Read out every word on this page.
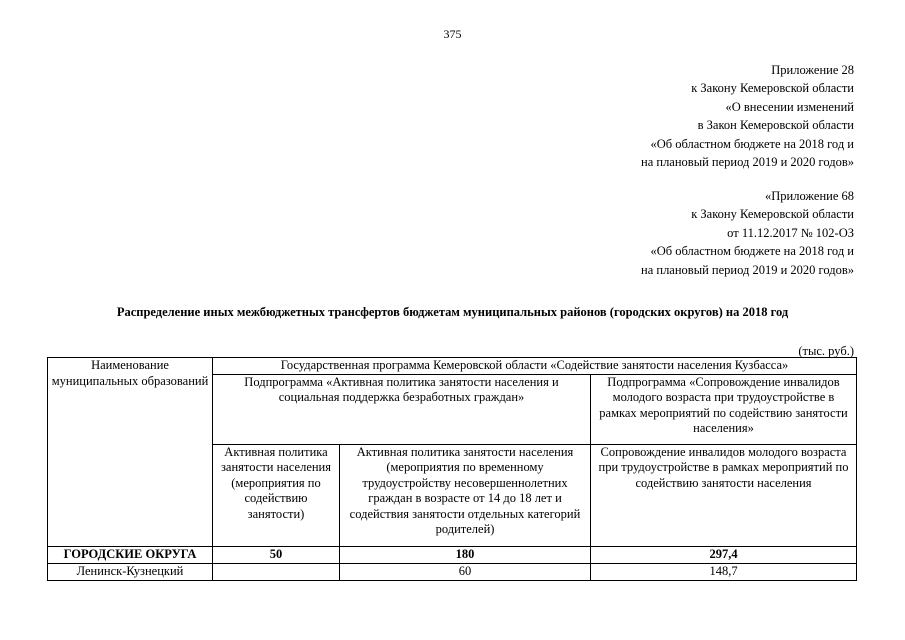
375
Приложение 28
к Закону Кемеровской области
«О внесении изменений
в Закон Кемеровской области
«Об областном бюджете на 2018 год и
на плановый период 2019 и 2020 годов»
«Приложение 68
к Закону Кемеровской области
от 11.12.2017 № 102-ОЗ
«Об областном бюджете на 2018 год и
на плановый период 2019 и 2020 годов»
Распределение иных межбюджетных трансфертов бюджетам муниципальных районов (городских округов) на 2018 год
(тыс. руб.)
Наименование муниципальных образований	Государственная программа Кемеровской области «Содействие занятости населения Кузбасса»		
	Подпрограмма «Активная политика занятости населения и социальная поддержка безработных граждан»		Подпрограмма «Сопровождение инвалидов молодого возраста при трудоустройстве в рамках мероприятий по содействию занятости населения»
	Активная политика занятости населения (мероприятия по содействию занятости)	Активная политика занятости населения (мероприятия по временному трудоустройству несовершеннолетних граждан в возрасте от 14 до 18 лет и содействия занятости отдельных категорий родителей)	Сопровождение инвалидов молодого возраста при трудоустройстве в рамках мероприятий по содействию занятости населения
ГОРОДСКИЕ ОКРУГА	50	180	297,4
Ленинск-Кузнецкий		60	148,7
